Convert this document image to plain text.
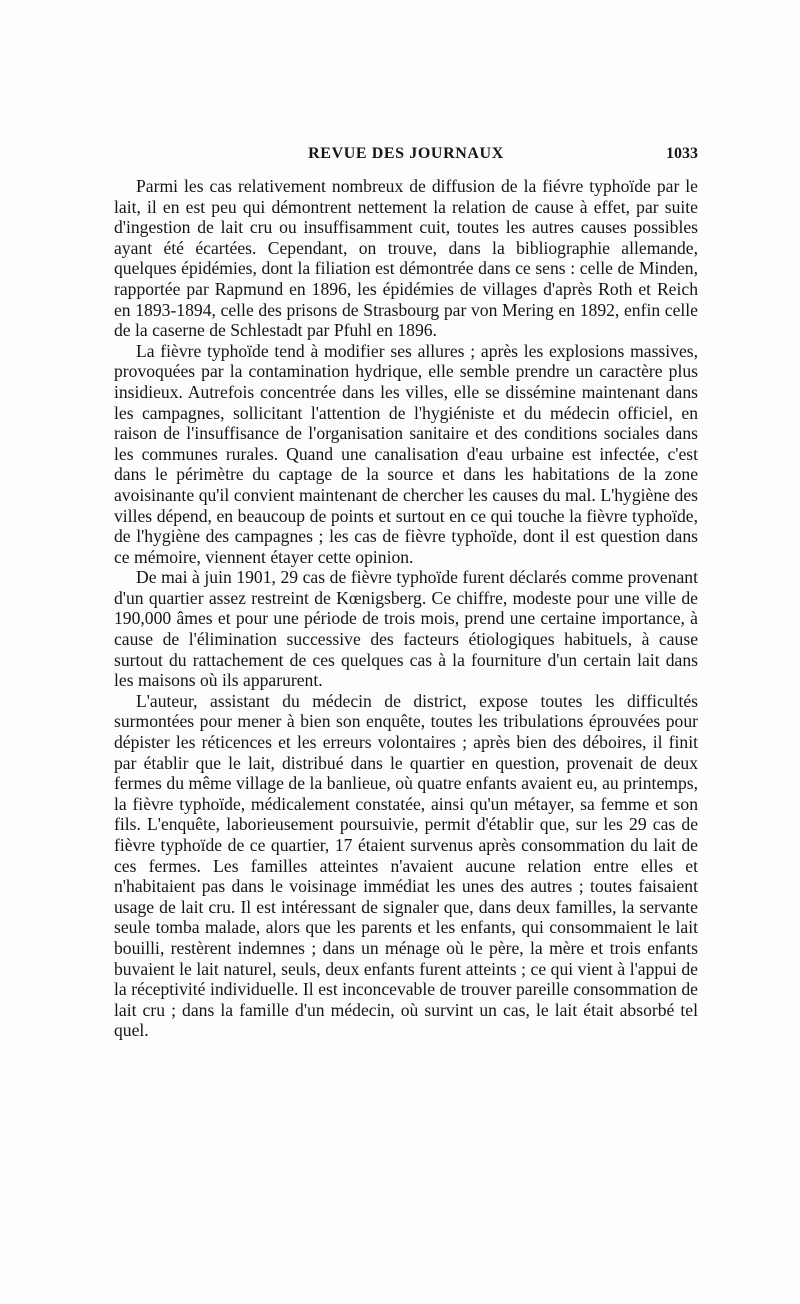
REVUE DES JOURNAUX	1033

Parmi les cas relativement nombreux de diffusion de la fiévre typhoïde par le lait, il en est peu qui démontrent nettement la relation de cause à effet, par suite d'ingestion de lait cru ou insuffisamment cuit, toutes les autres causes possibles ayant été écartées. Cependant, on trouve, dans la bibliographie allemande, quelques épidémies, dont la filiation est démontrée dans ce sens : celle de Minden, rapportée par Rapmund en 1896, les épidémies de villages d'après Roth et Reich en 1893-1894, celle des prisons de Strasbourg par von Mering en 1892, enfin celle de la caserne de Schlestadt par Pfuhl en 1896.

La fièvre typhoïde tend à modifier ses allures ; après les explosions massives, provoquées par la contamination hydrique, elle semble prendre un caractère plus insidieux. Autrefois concentrée dans les villes, elle se dissémine maintenant dans les campagnes, sollicitant l'attention de l'hygiéniste et du médecin officiel, en raison de l'insuffisance de l'organisation sanitaire et des conditions sociales dans les communes rurales. Quand une canalisation d'eau urbaine est infectée, c'est dans le périmètre du captage de la source et dans les habitations de la zone avoisinante qu'il convient maintenant de chercher les causes du mal. L'hygiène des villes dépend, en beaucoup de points et surtout en ce qui touche la fièvre typhoïde, de l'hygiène des campagnes ; les cas de fièvre typhoïde, dont il est question dans ce mémoire, viennent étayer cette opinion.

De mai à juin 1901, 29 cas de fièvre typhoïde furent déclarés comme provenant d'un quartier assez restreint de Kœnigsberg. Ce chiffre, modeste pour une ville de 190,000 âmes et pour une période de trois mois, prend une certaine importance, à cause de l'élimination successive des facteurs étiologiques habituels, à cause surtout du rattachement de ces quelques cas à la fourniture d'un certain lait dans les maisons où ils apparurent.

L'auteur, assistant du médecin de district, expose toutes les difficultés surmontées pour mener à bien son enquête, toutes les tribulations éprouvées pour dépister les réticences et les erreurs volontaires ; après bien des déboires, il finit par établir que le lait, distribué dans le quartier en question, provenait de deux fermes du même village de la banlieue, où quatre enfants avaient eu, au printemps, la fièvre typhoïde, médicalement constatée, ainsi qu'un métayer, sa femme et son fils. L'enquête, laborieusement poursuivie, permit d'établir que, sur les 29 cas de fièvre typhoïde de ce quartier, 17 étaient survenus après consommation du lait de ces fermes. Les familles atteintes n'avaient aucune relation entre elles et n'habitaient pas dans le voisinage immédiat les unes des autres ; toutes faisaient usage de lait cru. Il est intéressant de signaler que, dans deux familles, la servante seule tomba malade, alors que les parents et les enfants, qui consommaient le lait bouilli, restèrent indemnes ; dans un ménage où le père, la mère et trois enfants buvaient le lait naturel, seuls, deux enfants furent atteints ; ce qui vient à l'appui de la réceptivité individuelle. Il est inconcevable de trouver pareille consommation de lait cru ; dans la famille d'un médecin, où survint un cas, le lait était absorbé tel quel.
